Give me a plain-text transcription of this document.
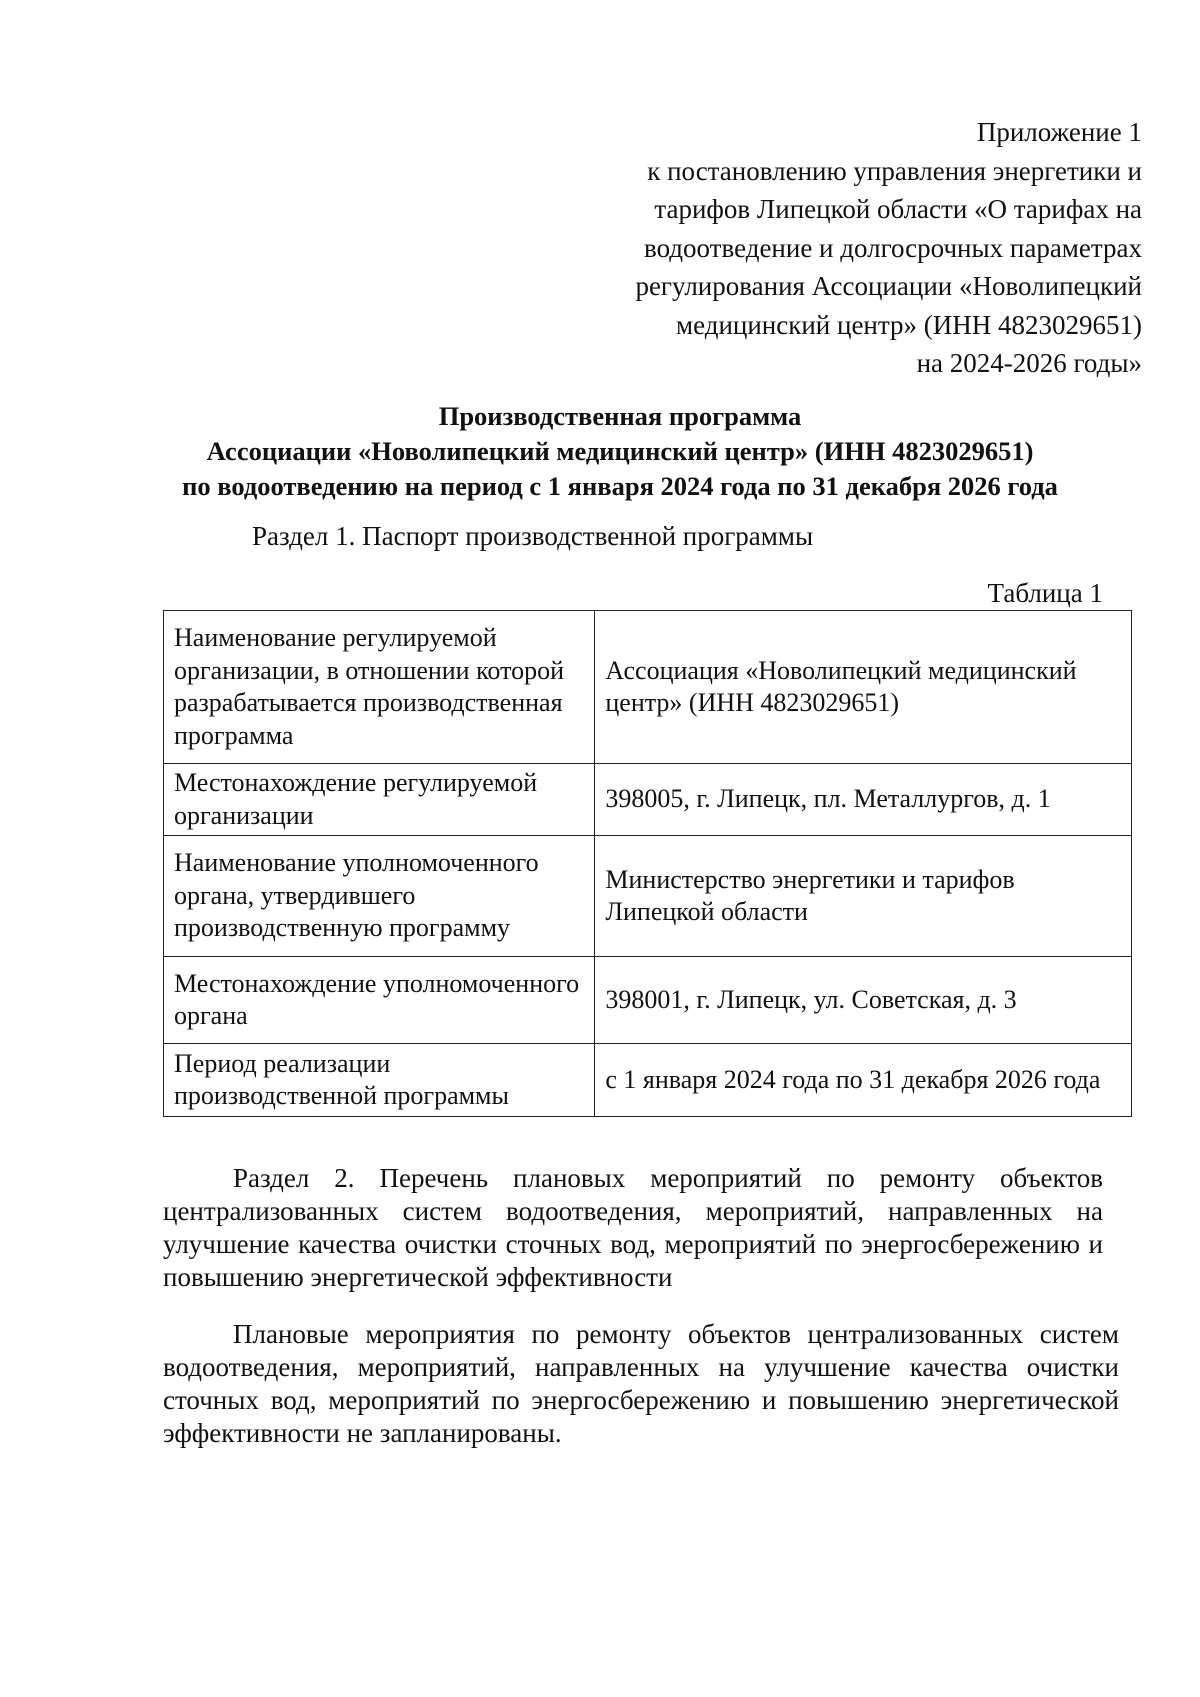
Приложение 1
к постановлению управления энергетики и
тарифов Липецкой области «О тарифах на
водоотведение и долгосрочных параметрах
регулирования Ассоциации «Новолипецкий
медицинский центр» (ИНН 4823029651)
на 2024-2026 годы»
Производственная программа
Ассоциации «Новолипецкий медицинский центр» (ИНН 4823029651)
по водоотведению на период с 1 января 2024 года по 31 декабря 2026 года
Раздел 1. Паспорт производственной программы
Таблица 1
Наименование регулируемой организации, в отношении которой разрабатывается производственная программа	Ассоциация «Новолипецкий медицинский центр» (ИНН 4823029651)
Местонахождение регулируемой организации	398005, г. Липецк, пл. Металлургов, д. 1
Наименование уполномоченного органа, утвердившего производственную программу	Министерство энергетики и тарифов Липецкой области
Местонахождение уполномоченного органа	398001, г. Липецк, ул. Советская, д. 3
Период реализации производственной программы	с 1 января 2024 года по 31 декабря 2026 года
Раздел 2. Перечень плановых мероприятий по ремонту объектов централизованных систем водоотведения, мероприятий, направленных на улучшение качества очистки сточных вод, мероприятий по энергосбережению и повышению энергетической эффективности
Плановые мероприятия по ремонту объектов централизованных систем водоотведения, мероприятий, направленных на улучшение качества очистки сточных вод, мероприятий по энергосбережению и повышению энергетической эффективности не запланированы.
